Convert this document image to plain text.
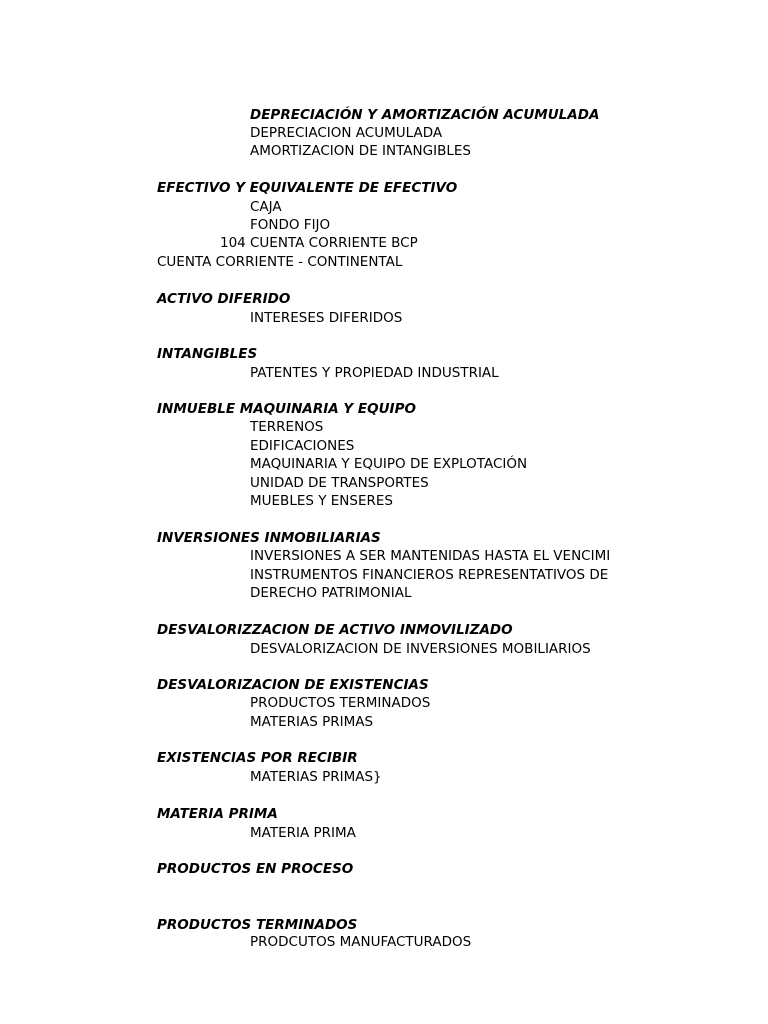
DEPRECIACIÓN Y AMORTIZACIÓN ACUMULADA
DEPRECIACION ACUMULADA
AMORTIZACION DE INTANGIBLES
EFECTIVO Y EQUIVALENTE DE EFECTIVO
CAJA
FONDO FIJO
104 CUENTA CORRIENTE BCP
CUENTA CORRIENTE - CONTINENTAL
ACTIVO DIFERIDO
INTERESES DIFERIDOS
INTANGIBLES
PATENTES Y PROPIEDAD INDUSTRIAL
INMUEBLE MAQUINARIA Y EQUIPO
TERRENOS
EDIFICACIONES
MAQUINARIA Y EQUIPO DE EXPLOTACIÓN
UNIDAD DE TRANSPORTES
MUEBLES Y ENSERES
INVERSIONES INMOBILIARIAS
INVERSIONES A SER MANTENIDAS HASTA EL VENCIMI
INSTRUMENTOS FINANCIEROS REPRESENTATIVOS DE
DERECHO PATRIMONIAL
DESVALORIZZACION DE ACTIVO INMOVILIZADO
DESVALORIZACION DE INVERSIONES MOBILIARIOS
DESVALORIZACION DE EXISTENCIAS
PRODUCTOS TERMINADOS
MATERIAS PRIMAS
EXISTENCIAS POR RECIBIR
MATERIAS PRIMAS}
MATERIA PRIMA
MATERIA PRIMA
PRODUCTOS EN PROCESO
PRODUCTOS TERMINADOS
PRODCUTOS MANUFACTURADOS
